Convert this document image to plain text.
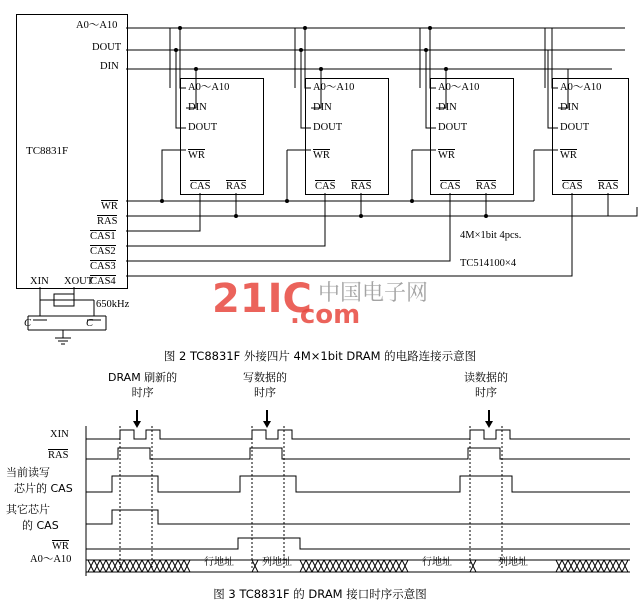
TC8831F
A0～A10
DOUT
DIN
WR
RAS
CAS1
CAS2
CAS3
CAS4
XIN XOUT
650kHz
C	C
A0～A10
DIN
DOUT
WR
CAS RAS
A0～A10
DIN
DOUT
WR
CAS RAS
A0～A10
DIN
DOUT
WR
CAS RAS
A0～A10
DIN
DOUT
WR
CAS RAS
4M×1bit 4pcs.
TC514100×4
图 2 TC8831F 外接四片 4M×1bit DRAM 的电路连接示意图
21IC
.com
中国电子网
DRAM 刷新的
时序
写数据的
时序
读数据的
时序
XIN
RAS
当前读写
芯片的 CAS
其它芯片
的 CAS
WR
A0～A10	行地址	列地址	行地址	列地址
图 3 TC8831F 的 DRAM 接口时序示意图
